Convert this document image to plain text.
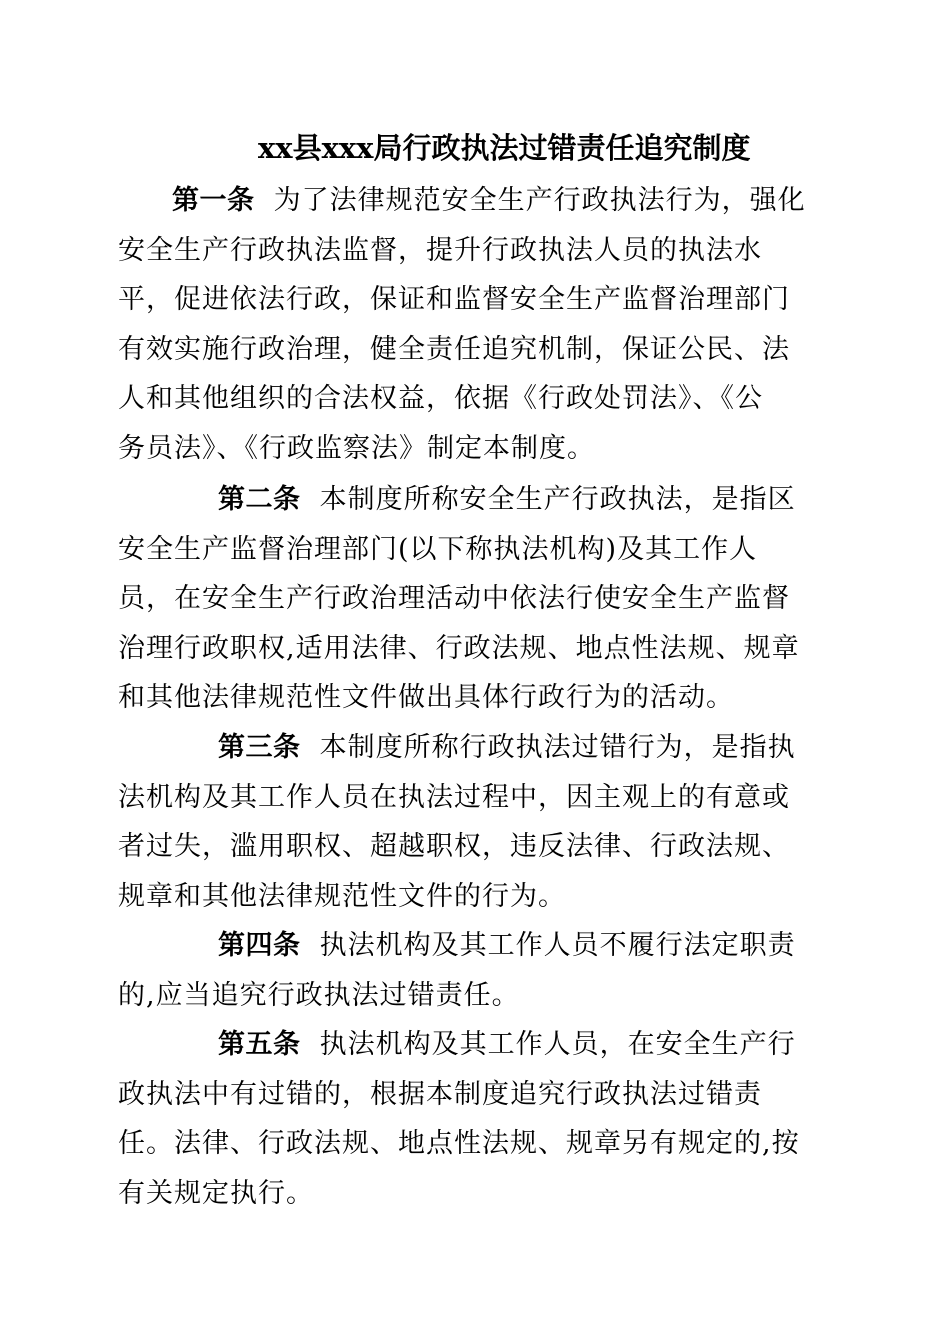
xx县xxx局行政执法过错责任追究制度
第一条 为了法律规范安全生产行政执法行为，强化
安全生产行政执法监督，提升行政执法人员的执法水
平，促进依法行政，保证和监督安全生产监督治理部门
有效实施行政治理，健全责任追究机制，保证公民、法
人和其他组织的合法权益，依据《行政处罚法》、《公
务员法》、《行政监察法》制定本制度。
第二条 本制度所称安全生产行政执法，是指区
安全生产监督治理部门(以下称执法机构)及其工作人
员，在安全生产行政治理活动中依法行使安全生产监督
治理行政职权,适用法律、行政法规、地点性法规、规章
和其他法律规范性文件做出具体行政行为的活动。
第三条 本制度所称行政执法过错行为，是指执
法机构及其工作人员在执法过程中，因主观上的有意或
者过失，滥用职权、超越职权，违反法律、行政法规、
规章和其他法律规范性文件的行为。
第四条 执法机构及其工作人员不履行法定职责
的,应当追究行政执法过错责任。
第五条 执法机构及其工作人员，在安全生产行
政执法中有过错的，根据本制度追究行政执法过错责
任。法律、行政法规、地点性法规、规章另有规定的,按
有关规定执行。
